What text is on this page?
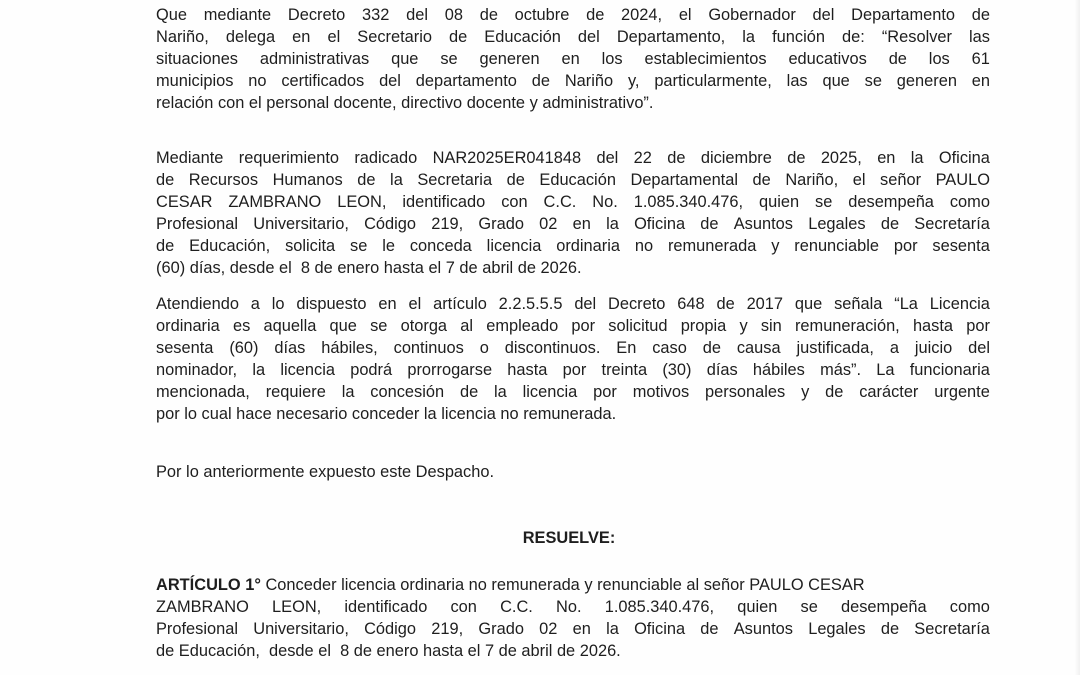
Que mediante Decreto 332 del 08 de octubre de 2024, el Gobernador del Departamento de
Nariño, delega en el Secretario de Educación del Departamento, la función de: “Resolver las
situaciones administrativas que se generen en los establecimientos educativos de los 61
municipios no certificados del departamento de Nariño y, particularmente, las que se generen en
relación con el personal docente, directivo docente y administrativo”.
Mediante requerimiento radicado NAR2025ER041848 del 22 de diciembre de 2025, en la Oficina
de Recursos Humanos de la Secretaria de Educación Departamental de Nariño, el señor PAULO
CESAR ZAMBRANO LEON, identificado con C.C. No. 1.085.340.476, quien se desempeña como
Profesional Universitario, Código 219, Grado 02 en la Oficina de Asuntos Legales de Secretaría
de Educación, solicita se le conceda licencia ordinaria no remunerada y renunciable por sesenta
(60) días, desde el  8 de enero hasta el 7 de abril de 2026.
Atendiendo a lo dispuesto en el artículo 2.2.5.5.5 del Decreto 648 de 2017 que señala “La Licencia
ordinaria es aquella que se otorga al empleado por solicitud propia y sin remuneración, hasta por
sesenta (60) días hábiles, continuos o discontinuos. En caso de causa justificada, a juicio del
nominador, la licencia podrá prorrogarse hasta por treinta (30) días hábiles más”. La funcionaria
mencionada, requiere la concesión de la licencia por motivos personales y de carácter urgente
por lo cual hace necesario conceder la licencia no remunerada.
Por lo anteriormente expuesto este Despacho.
RESUELVE:
ARTÍCULO 1° Conceder licencia ordinaria no remunerada y renunciable al señor PAULO CESAR
ZAMBRANO LEON, identificado con C.C. No. 1.085.340.476, quien se desempeña como
Profesional Universitario, Código 219, Grado 02 en la Oficina de Asuntos Legales de Secretaría
de Educación,  desde el  8 de enero hasta el 7 de abril de 2026.
